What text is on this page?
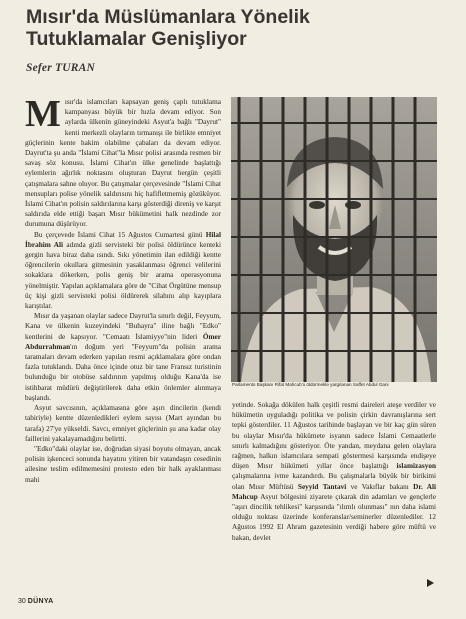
Mısır'da Müslümanlara Yönelik
Tutuklamalar Genişliyor
Sefer TURAN

Mısır'da islamcıları kapsayan geniş çaplı tutuklama kampanyası büyük bir hızla devam ediyor. Son aylarda ülkenin güneyindeki Asyut'a bağlı "Dayrut" kenti merkezli olayların tırmanışı ile birlikte emniyet güçlerinin kente hakim olabilme çabaları da devam ediyor. Dayrut'ta şu anda "İslami Cihat"la Mısır polisi arasında resmen bir savaş söz konusu. İslami Cihat'ın ülke genelinde başlattığı eylemlerin ağırlık noktasını oluşturan Dayrut hergün çeşitli çatışmalara sahne oluyor. Bu çatışmalar çerçevesinde "İslami Cihat mensupları polise yönelik saldırısını hiç hafifletmemiş gözüküyor. İslami Cihat'ın polisin saldırılarına karşı gösterdiği direniş ve karşıt saldırıda elde ettiği başarı Mısır hükümetini halk nezdinde zor durumuna düşürüyor.

Bu çerçevede İslami Cihat 15 Ağustos Cumartesi günü Hilal İbrahim Ali adında gizli servisteki bir polisi öldürünce kenteki gergin hava biraz daha ısındı. Sıkı yönetimin ilan edildiği kentte öğrencilerin okullara gitmesinin yasaklanması öğrenci velilerini sokaklara dökerken, polis geniş bir arama operasyonuna yönelmiştir. Yapılan açıklamalara göre de "Cihat Örgütüne mensup üç kişi gizli servisteki polisi öldürerek silahını alıp kayıplara karıştılar.

Mısır da yaşanan olaylar sadece Dayrut'la sınırlı değil, Feyyum, Kana ve ülkenin kuzeyindeki "Buhayra" iline bağlı "Edko" kentlerini de kapsıyor. "Cemaatı İslamiyye"nin lideri Ömer Abdurrahman'ın doğum yeri "Feyyum"da polisin arama taramaları devam ederken yapılan resmi açıklamalara göre ondan fazla tutuklandı. Daha önce içinde otuz bir tane Fransız turistinin bulunduğu bir otobüse saldırının yapılmış olduğu Kana'da ise istihbarat müdürü değiştirilerek daha etkin önlemler alınmaya başlandı.

Asyut savcısının, açıklamasına göre aşırı dincilerin (kendi tabiriyle) kentte düzenledikleri eylem sayısı (Mart ayından bu tarafa) 27'ye yükseldi. Savcı, emniyet güçlerinin şu ana kadar olay faillerini yakalayamadığını belirtti.

"Edko"daki olaylar ise, doğrudan siyasi boyutu olmayan, ancak polisin işkenceci sonunda hayatını yitiren bir vatandaşın cesedinin ailesine teslim edilmemesini protesto eden bir halk ayaklanması mahi

Parlamento Başkanı Rifat Mahcub'u öldürmekle yargılanan Saffet Abdul Gani

yetinde. Sokağa dökülen halk çeşitli resmi daireleri ateşe verdiler ve hükümetin uyguladığı politika ve polisin çirkin davranışlarına sert tepki gösterdiler. 11 Ağustos tarihinde başlayan ve bir kaç gün süren bu olaylar Mısır'da hükümete isyanın sadece İslami Cemaatlerle sınırlı kalmadığını gösteriyor. Öte yandan, meydana gelen olaylara rağmen, halkın islamcılara sempati göstermesi karşısında endişeye düşen Mısır hükümeti yıllar önce başlattığı islamizasyon çalışmalarına ivme kazandırdı. Bu çalışmalarla büyük bir birikimi olan Mısır Müftüsü Seyyid Tantavi ve Vakıflar bakanı Dr. Ali Mahcup Asyut bölgesini ziyarete çıkarak din adamları ve gençlerle "aşırı dincilik tehlikesi" karşısında "ılımlı olunması" nın daha islami olduğu noktası üzerinde konferanslar/seminerler düzenlediler. 12 Ağustos 1992 El Ahram gazetesinin verdiği habere göre müftü ve bakan, devlet

30 DÜNYA
